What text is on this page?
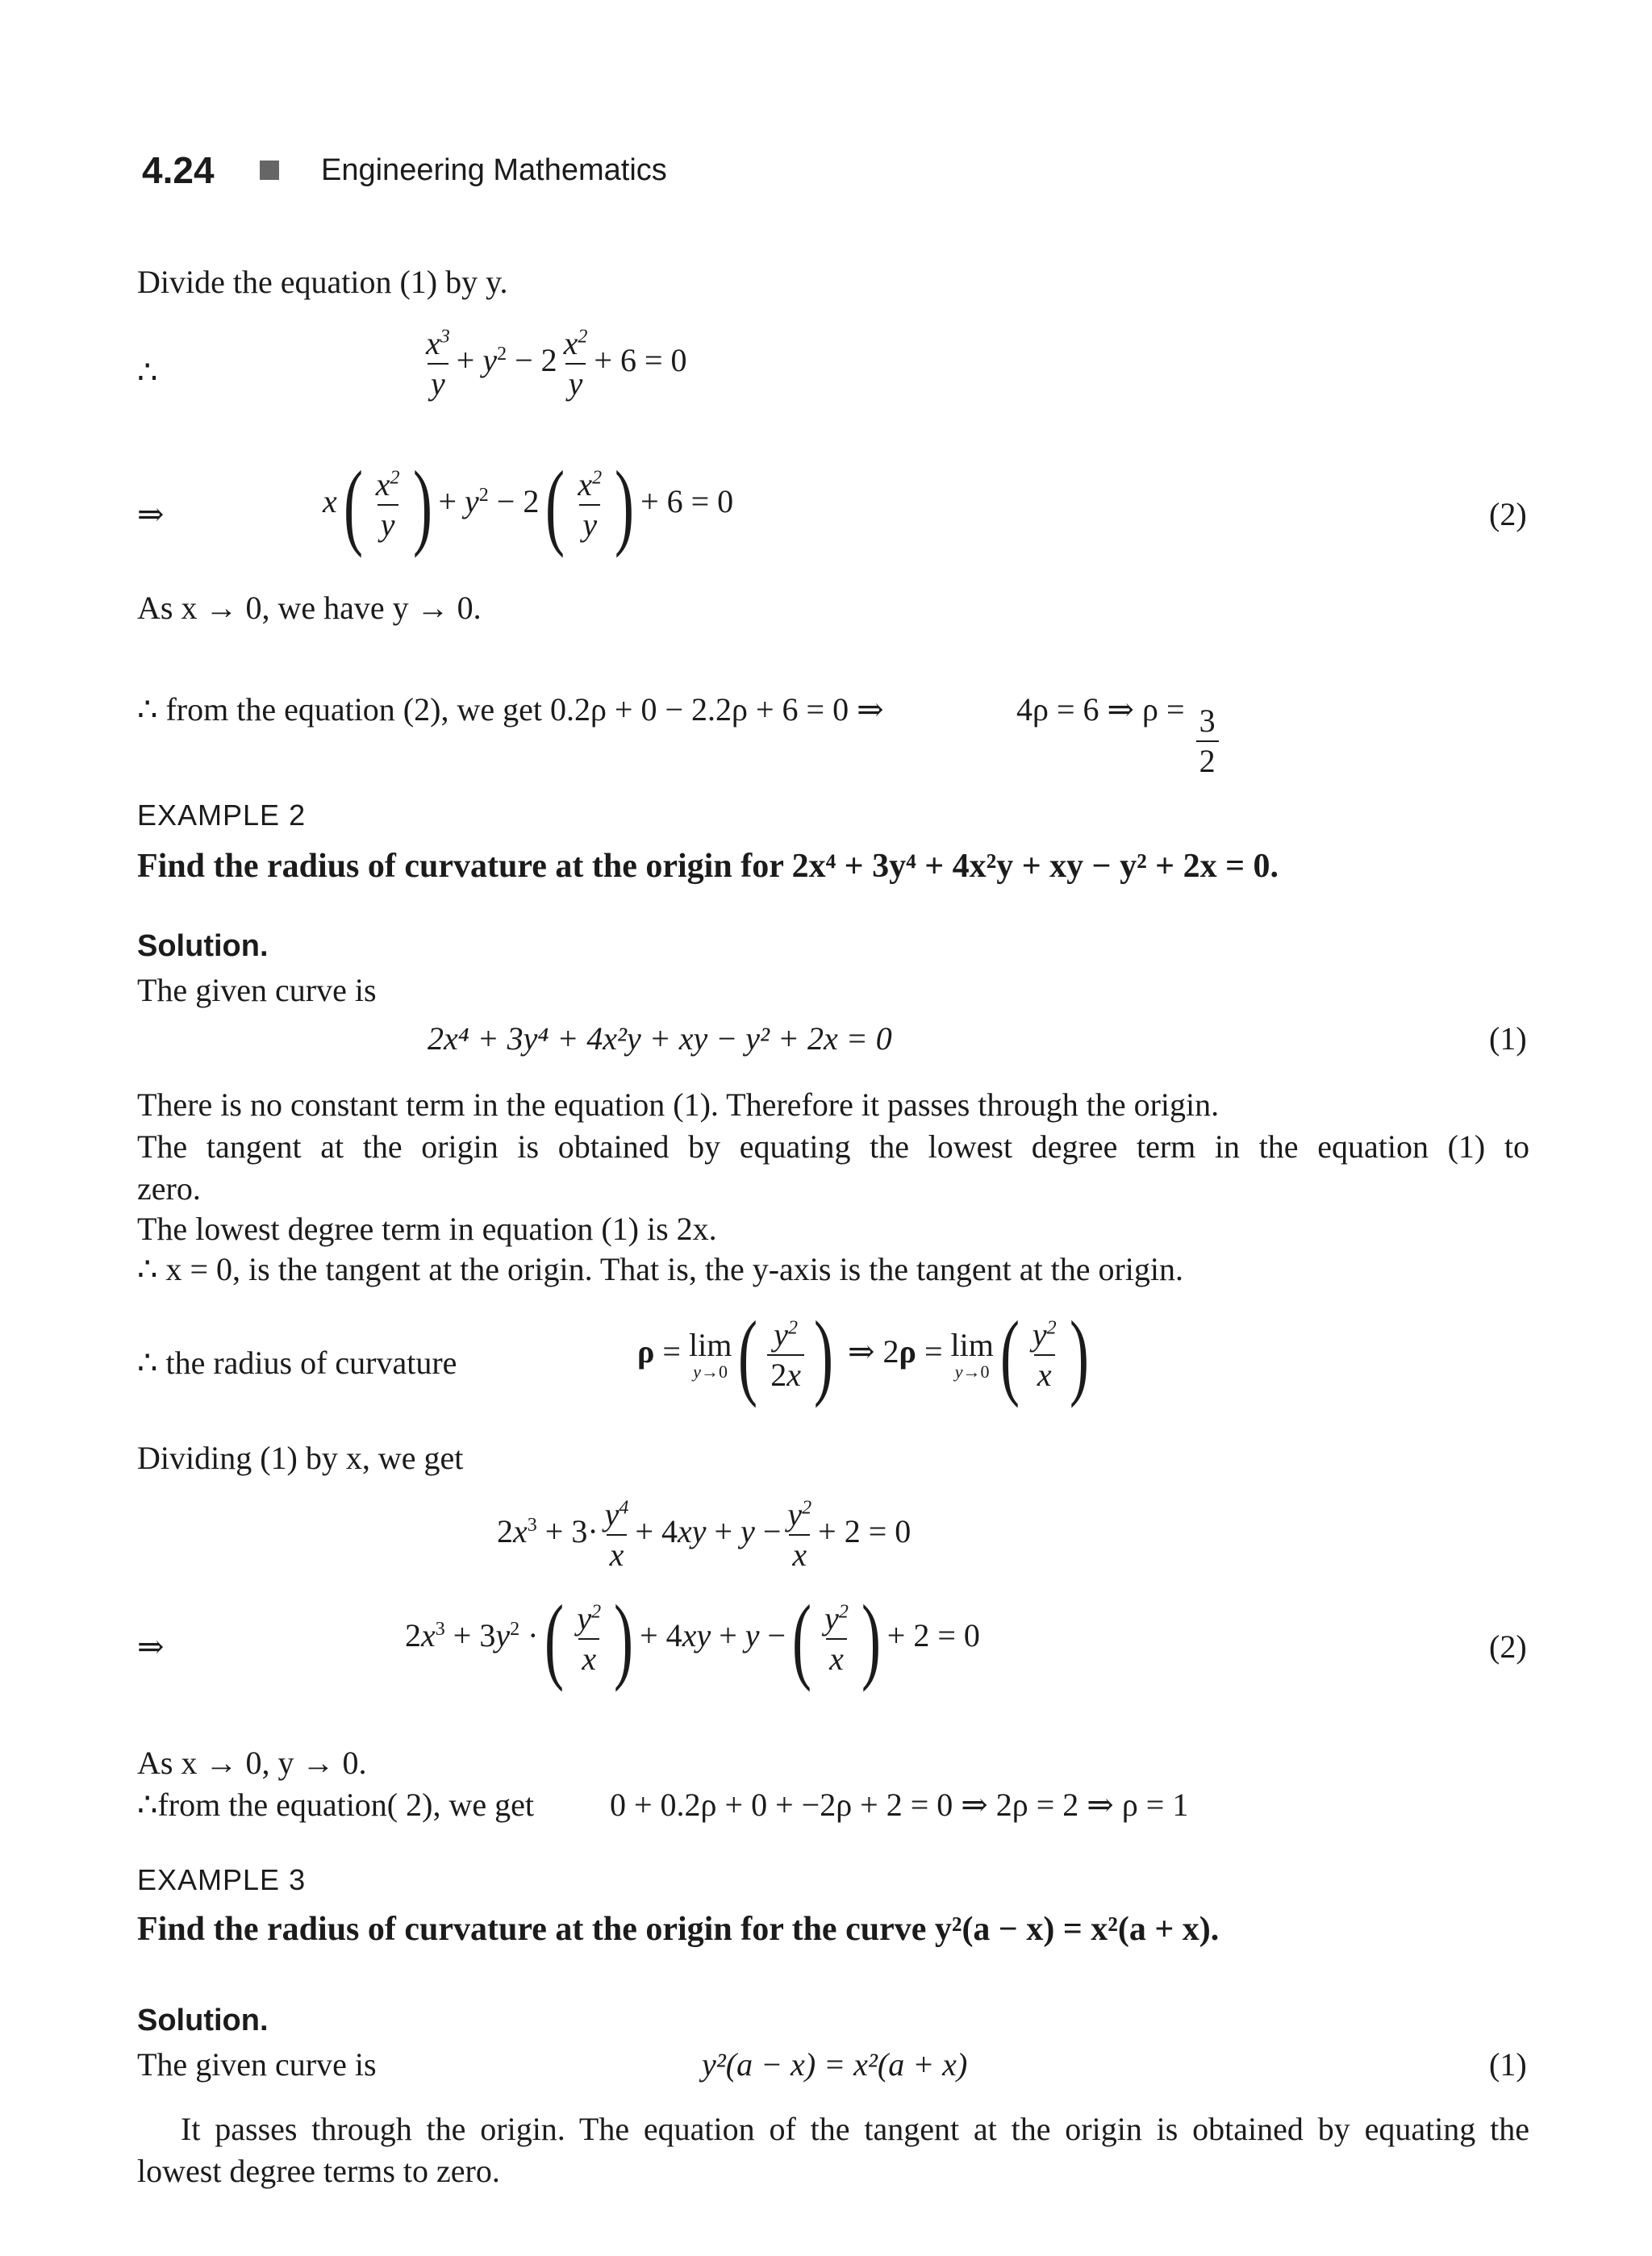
4.24	Engineering Mathematics
Divide the equation (1) by y.
∴	$\frac{x^3}{y} + y^2 - 2 \frac{x^2}{y} + 6 = 0$
⇒	x ( $\frac{x^2}{y}$ ) + $y^2 - 2$ ( $\frac{x^2}{y}$ ) + 6 = 0	(2)
As x → 0, we have y → 0.
∴ from the equation (2), we get 0.2ρ + 0 − 2.2ρ + 6 = 0 ⇒	4ρ = 6 ⇒ $\rho = \frac{3}{2}$
EXAMPLE 2
Find the radius of curvature at the origin for 2x⁴ + 3y⁴ + 4x²y + xy − y² + 2x = 0.
Solution.
The given curve is
2x⁴ + 3y⁴ + 4x²y + xy − y² + 2x = 0	(1)
There is no constant term in the equation (1). Therefore it passes through the origin.
The tangent at the origin is obtained by equating the lowest degree term in the equation (1) to
zero.
The lowest degree term in equation (1) is 2x.
∴ x = 0, is the tangent at the origin. That is, the y-axis is the tangent at the origin.
∴ the radius of curvature	ρ = lim
y→0 ( $\frac{y^2}{2x}$ ) ⇒ 2ρ = lim
y→0 ( $\frac{y^2}{x}$ )
Dividing (1) by x, we get
$2x^3 + 3\cdot \frac{y^4}{x} + 4xy + y - \frac{y^2}{x} + 2 = 0$
⇒	$2x^3 + 3y^2$ · ( $\frac{y^2}{x}$ ) + 4xy + y − ( $\frac{y^2}{x}$ ) + 2 = 0	(2)
As x → 0, y → 0.
∴from the equation( 2), we get 0 + 0.2ρ + 0 + −2ρ + 2 = 0 ⇒ 2ρ = 2 ⇒ ρ = 1
EXAMPLE 3
Find the radius of curvature at the origin for the curve y²(a − x) = x²(a + x).
Solution.
The given curve is	y²(a − x) = x²(a + x)	(1)
It passes through the origin. The equation of the tangent at the origin is obtained by equating the
lowest degree terms to zero.
